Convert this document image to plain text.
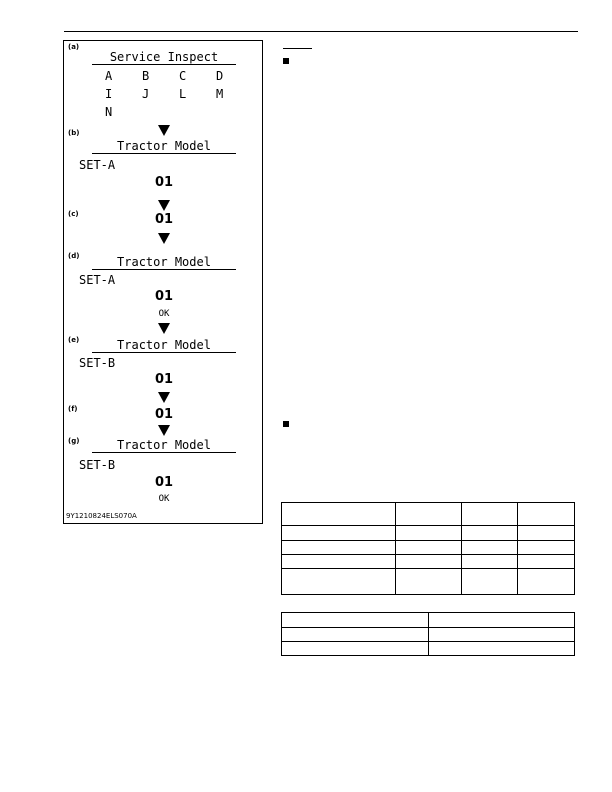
(a)
Service Inspect
A B C D
I J L M
N
(b)
Tractor Model
SET-A
01
(c)	01
(d)	Tractor Model
SET-A
01
OK
(e)	Tractor Model
SET-B
01
(f)	01
(g)	Tractor Model
SET-B
01
OK
9Y1210824ELS070A
